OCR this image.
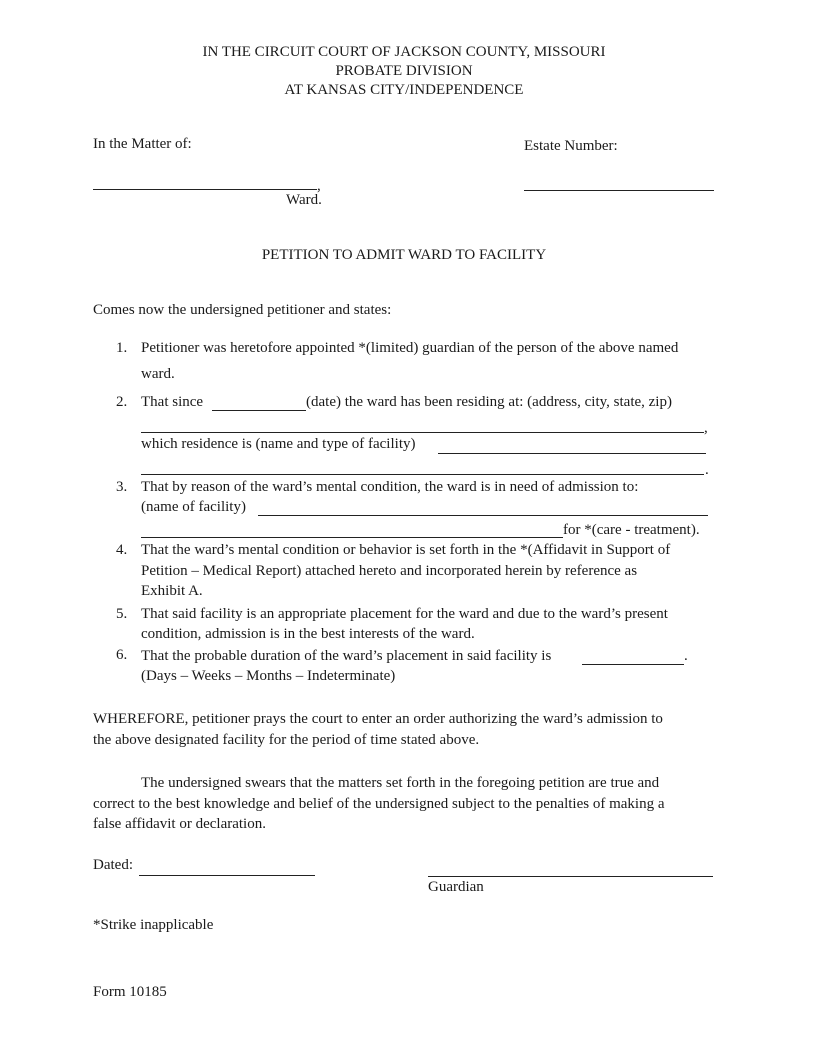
IN THE CIRCUIT COURT OF JACKSON COUNTY, MISSOURI
PROBATE DIVISION
AT KANSAS CITY/INDEPENDENCE
In the Matter of:	Estate Number:
,
Ward.
PETITION TO ADMIT WARD TO FACILITY
Comes now the undersigned petitioner and states:
1. Petitioner was heretofore appointed *(limited) guardian of the person of the above named
ward.
2. That since	(date) the ward has been residing at: (address, city, state, zip)
,
which residence is (name and type of facility)
.
3. That by reason of the ward’s mental condition, the ward is in need of admission to:
(name of facility)
for *(care - treatment).
4. That the ward’s mental condition or behavior is set forth in the *(Affidavit in Support of
Petition – Medical Report) attached hereto and incorporated herein by reference as
Exhibit A.
5. That said facility is an appropriate placement for the ward and due to the ward’s present
condition, admission is in the best interests of the ward.
6. That the probable duration of the ward’s placement in said facility is	.
(Days – Weeks – Months – Indeterminate)
WHEREFORE, petitioner prays the court to enter an order authorizing the ward’s admission to
the above designated facility for the period of time stated above.
The undersigned swears that the matters set forth in the foregoing petition are true and
correct to the best knowledge and belief of the undersigned subject to the penalties of making a
false affidavit or declaration.
Dated:
Guardian
*Strike inapplicable
Form 10185
